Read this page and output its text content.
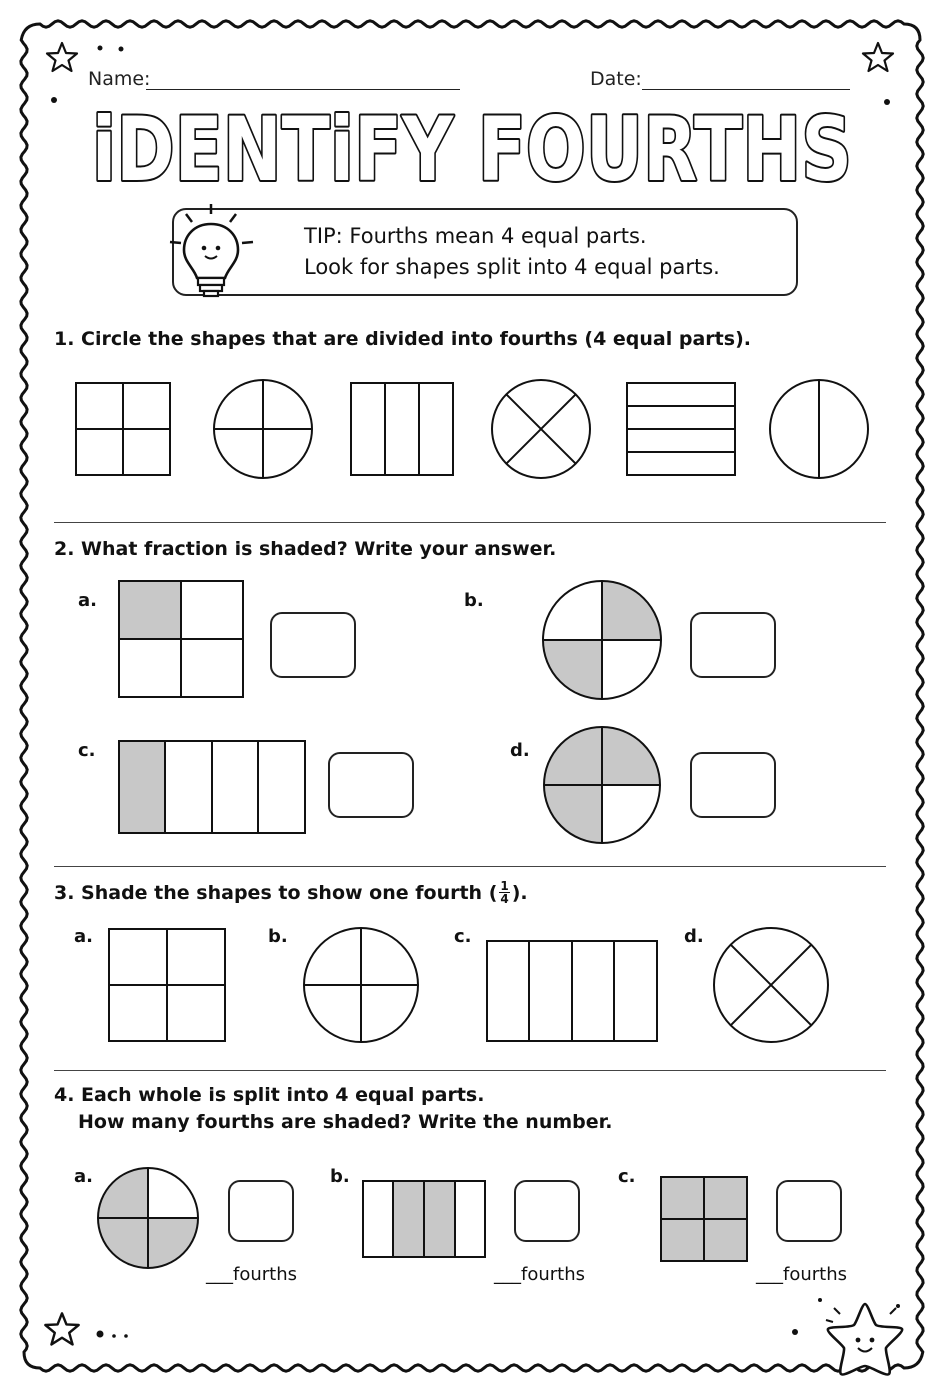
Name:	Date:
iDENTiFY FOURTHS
TIP: Fourths mean 4 equal parts.
Look for shapes split into 4 equal parts.
1. Circle the shapes that are divided into fourths (4 equal parts).
2. What fraction is shaded? Write your answer.
a.	b.
c.	d.
3. Shade the shapes to show one fourth ( $\frac{1}{4}$ ).
a.	b.	c.	d.
4. Each whole is split into 4 equal parts.
How many fourths are shaded? Write the number.
a.
___fourths
b.
___fourths
c.
___fourths
